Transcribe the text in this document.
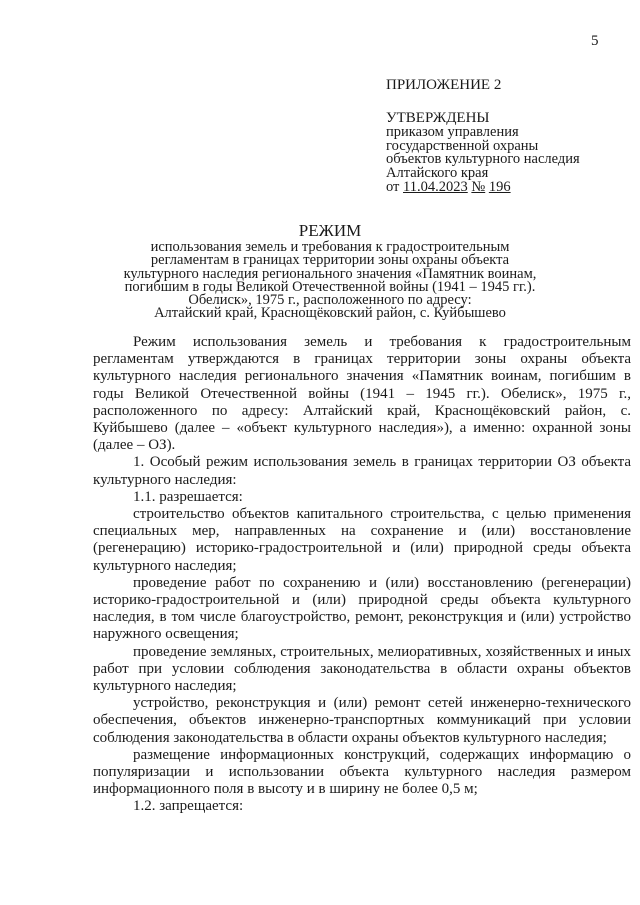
5

ПРИЛОЖЕНИЕ 2

УТВЕРЖДЕНЫ

приказом управления

государственной охраны

объектов культурного наследия

Алтайского края

от 11.04.2023 № 196

РЕЖИМ

использования земель и требования к градостроительным

регламентам в границах территории зоны охраны объекта

культурного наследия регионального значения «Памятник воинам,

погибшим в годы Великой Отечественной войны (1941 – 1945 гг.).

Обелиск», 1975 г., расположенного по адресу:

Алтайский край, Краснощёковский район, с. Куйбышево

Режим использования земель и требования к градостроительным регламентам утверждаются в границах территории зоны охраны объекта культурного наследия регионального значения «Памятник воинам, погибшим в годы Великой Отечественной войны (1941 – 1945 гг.). Обелиск», 1975 г., расположенного по адресу: Алтайский край, Краснощёковский район, с. Куйбышево (далее – «объект культурного наследия»), а именно: охранной зоны (далее – ОЗ).

1. Особый режим использования земель в границах территории ОЗ объекта культурного наследия:

1.1. разрешается:

строительство объектов капитального строительства, с целью применения специальных мер, направленных на сохранение и (или) восстановление (регенерацию) историко-градостроительной и (или) природной среды объекта культурного наследия;

проведение работ по сохранению и (или) восстановлению (регенерации) историко-градостроительной и (или) природной среды объекта культурного наследия, в том числе благоустройство, ремонт, реконструкция и (или) устройство наружного освещения;

проведение земляных, строительных, мелиоративных, хозяйственных и иных работ при условии соблюдения законодательства в области охраны объектов культурного наследия;

устройство, реконструкция и (или) ремонт сетей инженерно-технического обеспечения, объектов инженерно-транспортных коммуникаций при условии соблюдения законодательства в области охраны объектов культурного наследия;

размещение информационных конструкций, содержащих информацию о популяризации и использовании объекта культурного наследия размером информационного поля в высоту и в ширину не более 0,5 м;

1.2. запрещается:
